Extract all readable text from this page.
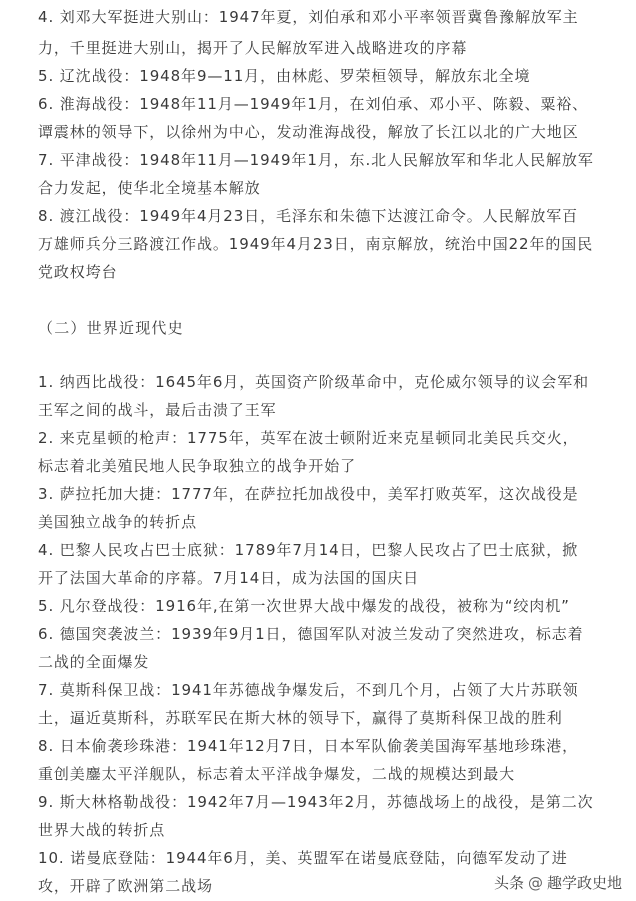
4. 刘邓大军挺进大别山：1947年夏，刘伯承和邓小平率领晋冀鲁豫解放军主
力，千里挺进大别山，揭开了人民解放军进入战略进攻的序幕
5. 辽沈战役：1948年9—11月，由林彪、罗荣桓领导，解放东北全境
6. 淮海战役：1948年11月—1949年1月，在刘伯承、邓小平、陈毅、粟裕、
谭震林的领导下，以徐州为中心，发动淮海战役，解放了长江以北的广大地区
7. 平津战役：1948年11月—1949年1月，东.北人民解放军和华北人民解放军
合力发起，使华北全境基本解放
8. 渡江战役：1949年4月23日，毛泽东和朱德下达渡江命令。人民解放军百
万雄师兵分三路渡江作战。1949年4月23日，南京解放，统治中国22年的国民
党政权垮台
（二）世界近现代史
1. 纳西比战役：1645年6月，英国资产阶级革命中，克伦威尔领导的议会军和
王军之间的战斗，最后击溃了王军
2. 来克星顿的枪声：1775年，英军在波士顿附近来克星顿同北美民兵交火，
标志着北美殖民地人民争取独立的战争开始了
3. 萨拉托加大捷：1777年，在萨拉托加战役中，美军打败英军，这次战役是
美国独立战争的转折点
4. 巴黎人民攻占巴士底狱：1789年7月14日，巴黎人民攻占了巴士底狱，掀
开了法国大革命的序幕。7月14日，成为法国的国庆日
5. 凡尔登战役：1916年,在第一次世界大战中爆发的战役，被称为“绞肉机”
6. 德国突袭波兰：1939年9月1日，德国军队对波兰发动了突然进攻，标志着
二战的全面爆发
7. 莫斯科保卫战：1941年苏德战争爆发后，不到几个月，占领了大片苏联领
土，逼近莫斯科，苏联军民在斯大林的领导下，赢得了莫斯科保卫战的胜利
8. 日本偷袭珍珠港：1941年12月7日，日本军队偷袭美国海军基地珍珠港，
重创美鏖太平洋舰队，标志着太平洋战争爆发，二战的规模达到最大
9. 斯大林格勒战役：1942年7月—1943年2月，苏德战场上的战役，是第二次
世界大战的转折点
10. 诺曼底登陆：1944年6月，美、英盟军在诺曼底登陆，向德军发动了进
攻，开辟了欧洲第二战场	头条 @ 趣学政史地
